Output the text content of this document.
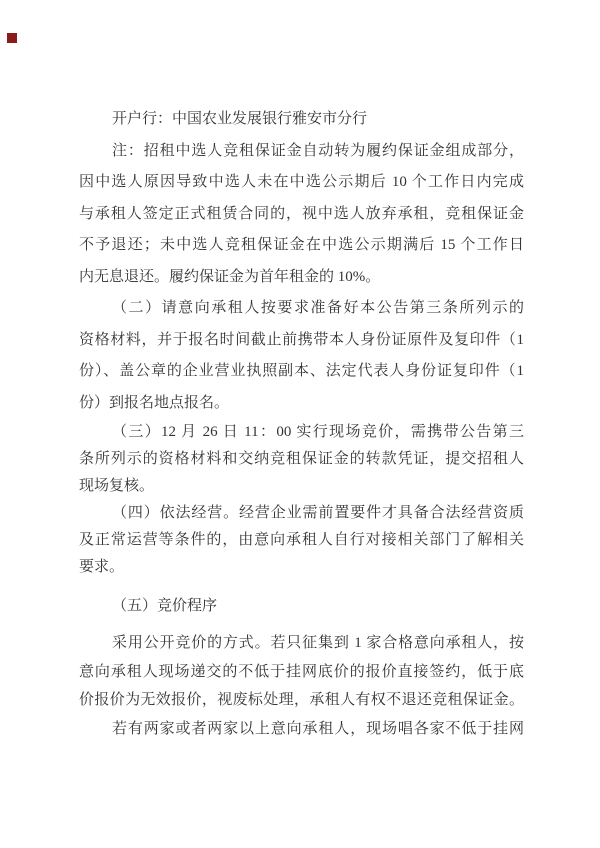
开户行：中国农业发展银行雅安市分行
注：招租中选人竞租保证金自动转为履约保证金组成部分，
因中选人原因导致中选人未在中选公示期后 10 个工作日内完成
与承租人签定正式租赁合同的，视中选人放弃承租，竞租保证金
不予退还；未中选人竞租保证金在中选公示期满后 15 个工作日
内无息退还。履约保证金为首年租金的 10%。
（二）请意向承租人按要求准备好本公告第三条所列示的
资格材料，并于报名时间截止前携带本人身份证原件及复印件（1
份）、盖公章的企业营业执照副本、法定代表人身份证复印件（1
份）到报名地点报名。
（三）12 月 26 日 11：00 实行现场竞价，需携带公告第三
条所列示的资格材料和交纳竞租保证金的转款凭证，提交招租人
现场复核。
（四）依法经营。经营企业需前置要件才具备合法经营资质
及正常运营等条件的，由意向承租人自行对接相关部门了解相关
要求。
（五）竞价程序
采用公开竞价的方式。若只征集到 1 家合格意向承租人，按
意向承租人现场递交的不低于挂网底价的报价直接签约，低于底
价报价为无效报价，视废标处理，承租人有权不退还竞租保证金。
若有两家或者两家以上意向承租人，现场唱各家不低于挂网
